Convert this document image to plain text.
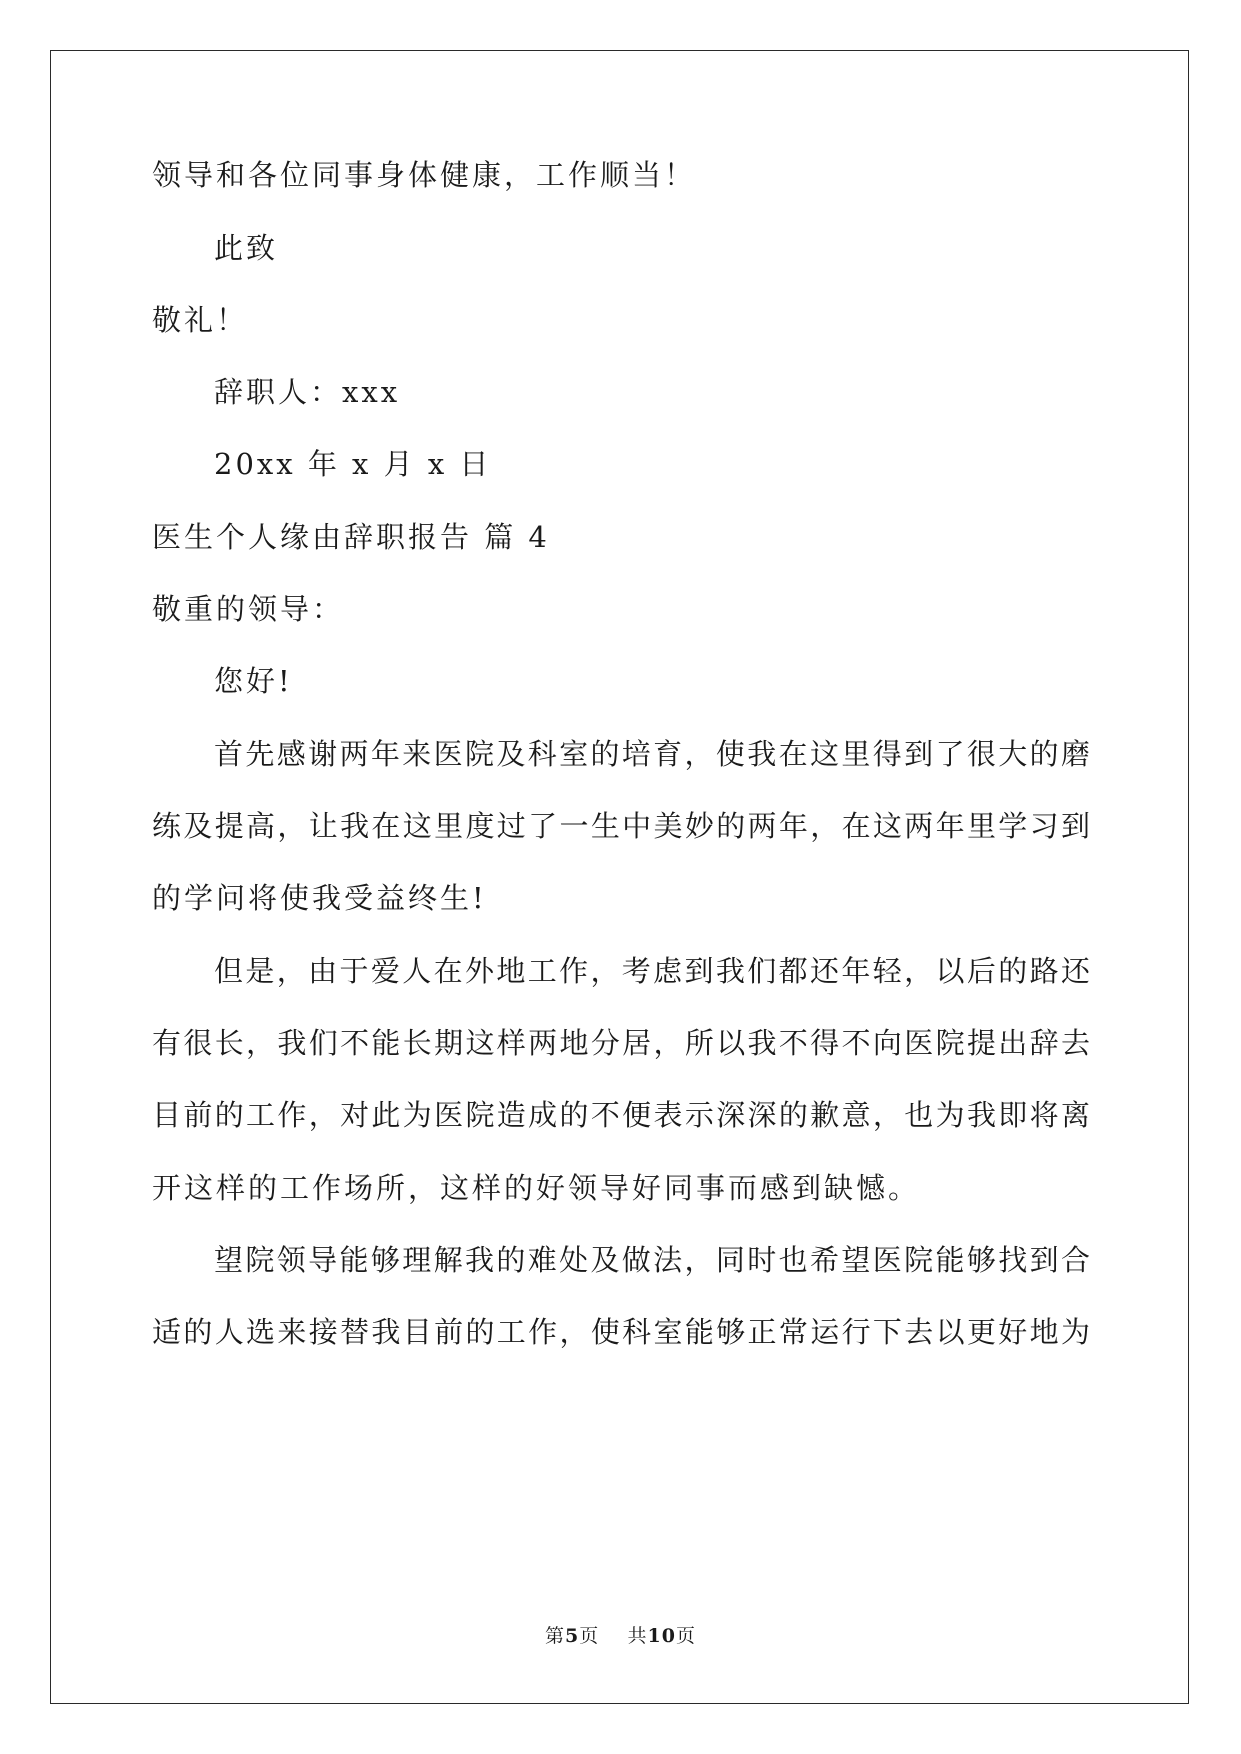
领导和各位同事身体健康，工作顺当！
此致
敬礼！
辞职人：xxx
20xx 年 x 月 x 日
医生个人缘由辞职报告 篇 4
敬重的领导：
您好!
首先感谢两年来医院及科室的培育，使我在这里得到了很大的磨
练及提高，让我在这里度过了一生中美妙的两年，在这两年里学习到
的学问将使我受益终生!
但是，由于爱人在外地工作，考虑到我们都还年轻，以后的路还
有很长，我们不能长期这样两地分居，所以我不得不向医院提出辞去
目前的工作，对此为医院造成的不便表示深深的歉意，也为我即将离
开这样的工作场所，这样的好领导好同事而感到缺憾。
望院领导能够理解我的难处及做法，同时也希望医院能够找到合
适的人选来接替我目前的工作，使科室能够正常运行下去以更好地为
第5页 共10页
